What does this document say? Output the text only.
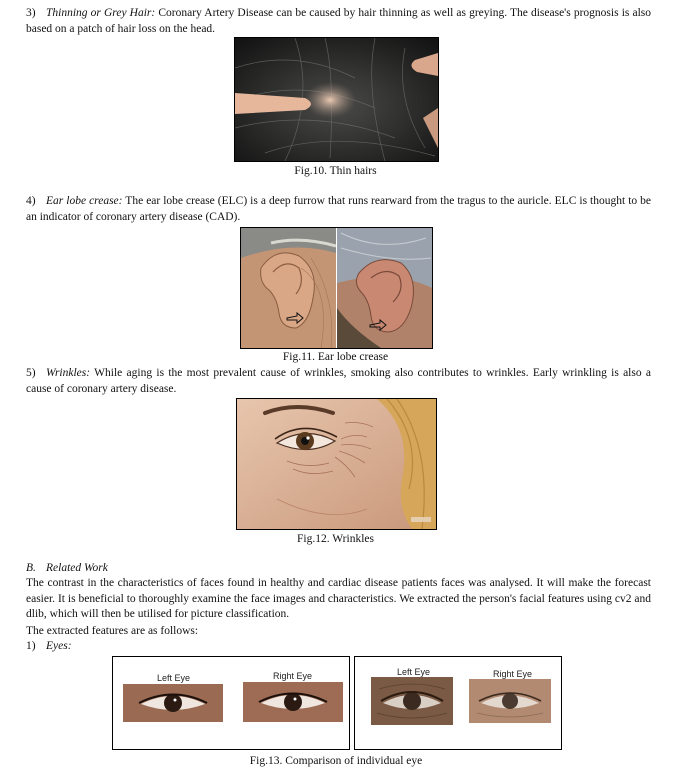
3) Thinning or Grey Hair: Coronary Artery Disease can be caused by hair thinning as well as greying. The disease's prognosis is also based on a patch of hair loss on the head.
Fig.10. Thin hairs
4) Ear lobe crease: The ear lobe crease (ELC) is a deep furrow that runs rearward from the tragus to the auricle. ELC is thought to be an indicator of coronary artery disease (CAD).
Fig.11. Ear lobe crease
5) Wrinkles: While aging is the most prevalent cause of wrinkles, smoking also contributes to wrinkles. Early wrinkling is also a cause of coronary artery disease.
Fig.12. Wrinkles
B. Related Work
The contrast in the characteristics of faces found in healthy and cardiac disease patients faces was analysed. It will make the forecast easier. It is beneficial to thoroughly examine the face images and characteristics. We extracted the person's facial features using cv2 and dlib, which will then be utilised for picture classification.
The extracted features are as follows:
1) Eyes:
Left Eye	Right Eye	Left Eye	Right Eye
Fig.13. Comparison of individual eye
